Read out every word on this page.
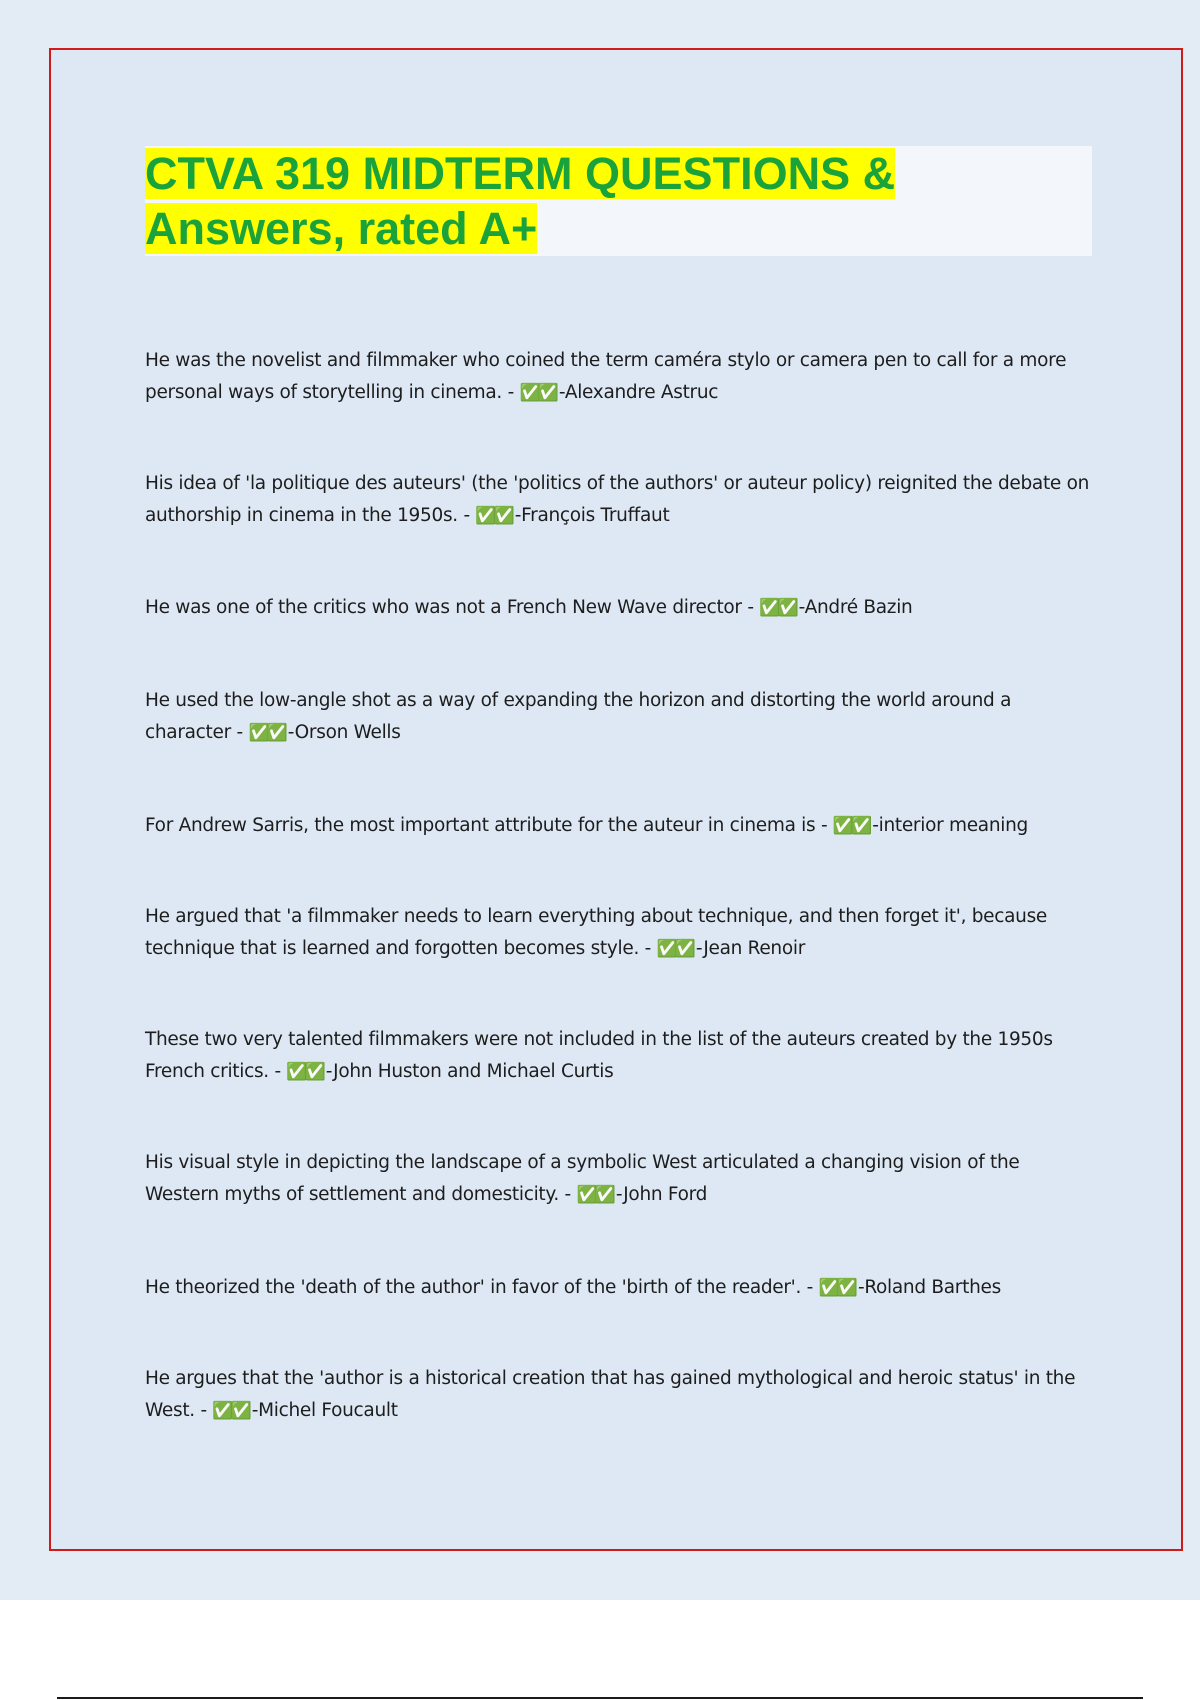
CTVA 319 MIDTERM QUESTIONS &
Answers, rated A+

He was the novelist and filmmaker who coined the term caméra stylo or camera pen to call for a more personal ways of storytelling in cinema. - ✅✅ -Alexandre Astruc

His idea of 'la politique des auteurs' (the 'politics of the authors' or auteur policy) reignited the debate on authorship in cinema in the 1950s. - ✅✅ -François Truffaut

He was one of the critics who was not a French New Wave director - ✅✅ -André Bazin

He used the low-angle shot as a way of expanding the horizon and distorting the world around a character - ✅✅ -Orson Wells

For Andrew Sarris, the most important attribute for the auteur in cinema is - ✅✅ -interior meaning

He argued that 'a filmmaker needs to learn everything about technique, and then forget it', because technique that is learned and forgotten becomes style. - ✅✅ -Jean Renoir

These two very talented filmmakers were not included in the list of the auteurs created by the 1950s French critics. - ✅✅ -John Huston and Michael Curtis

His visual style in depicting the landscape of a symbolic West articulated a changing vision of the Western myths of settlement and domesticity. - ✅✅ -John Ford

He theorized the 'death of the author' in favor of the 'birth of the reader'. - ✅✅ -Roland Barthes

He argues that the 'author is a historical creation that has gained mythological and heroic status' in the West. - ✅✅ -Michel Foucault
